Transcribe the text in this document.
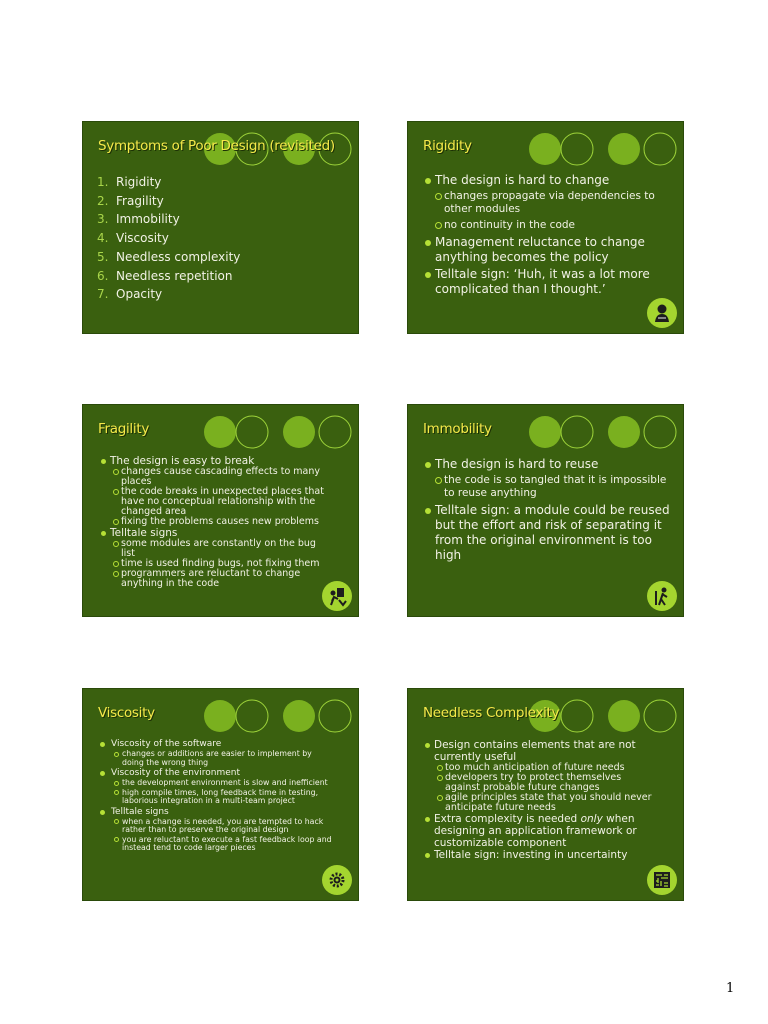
Symptoms of Poor Design (revisited)
1. Rigidity
2. Fragility
3. Immobility
4. Viscosity
5. Needless complexity
6. Needless repetition
7. Opacity
Rigidity
The design is hard to change
changes propagate via dependencies to other modules
no continuity in the code
Management reluctance to change anything becomes the policy
Telltale sign: ‘Huh, it was a lot more complicated than I thought.’
Fragility
The design is easy to break
changes cause cascading effects to many places
the code breaks in unexpected places that have no conceptual relationship with the changed area
fixing the problems causes new problems
Telltale signs
some modules are constantly on the bug list
time is used finding bugs, not fixing them
programmers are reluctant to change anything in the code
Immobility
The design is hard to reuse
the code is so tangled that it is impossible to reuse anything
Telltale sign: a module could be reused but the effort and risk of separating it from the original environment is too high
Viscosity
Viscosity of the software
changes or additions are easier to implement by doing the wrong thing
Viscosity of the environment
the development environment is slow and inefficient
high compile times, long feedback time in testing, laborious integration in a multi-team project
Telltale signs
when a change is needed, you are tempted to hack rather than to preserve the original design
you are reluctant to execute a fast feedback loop and instead tend to code larger pieces
Needless Complexity
Design contains elements that are not currently useful
too much anticipation of future needs
developers try to protect themselves against probable future changes
agile principles state that you should never anticipate future needs
Extra complexity is needed only when designing an application framework or customizable component
Telltale sign: investing in uncertainty
1
